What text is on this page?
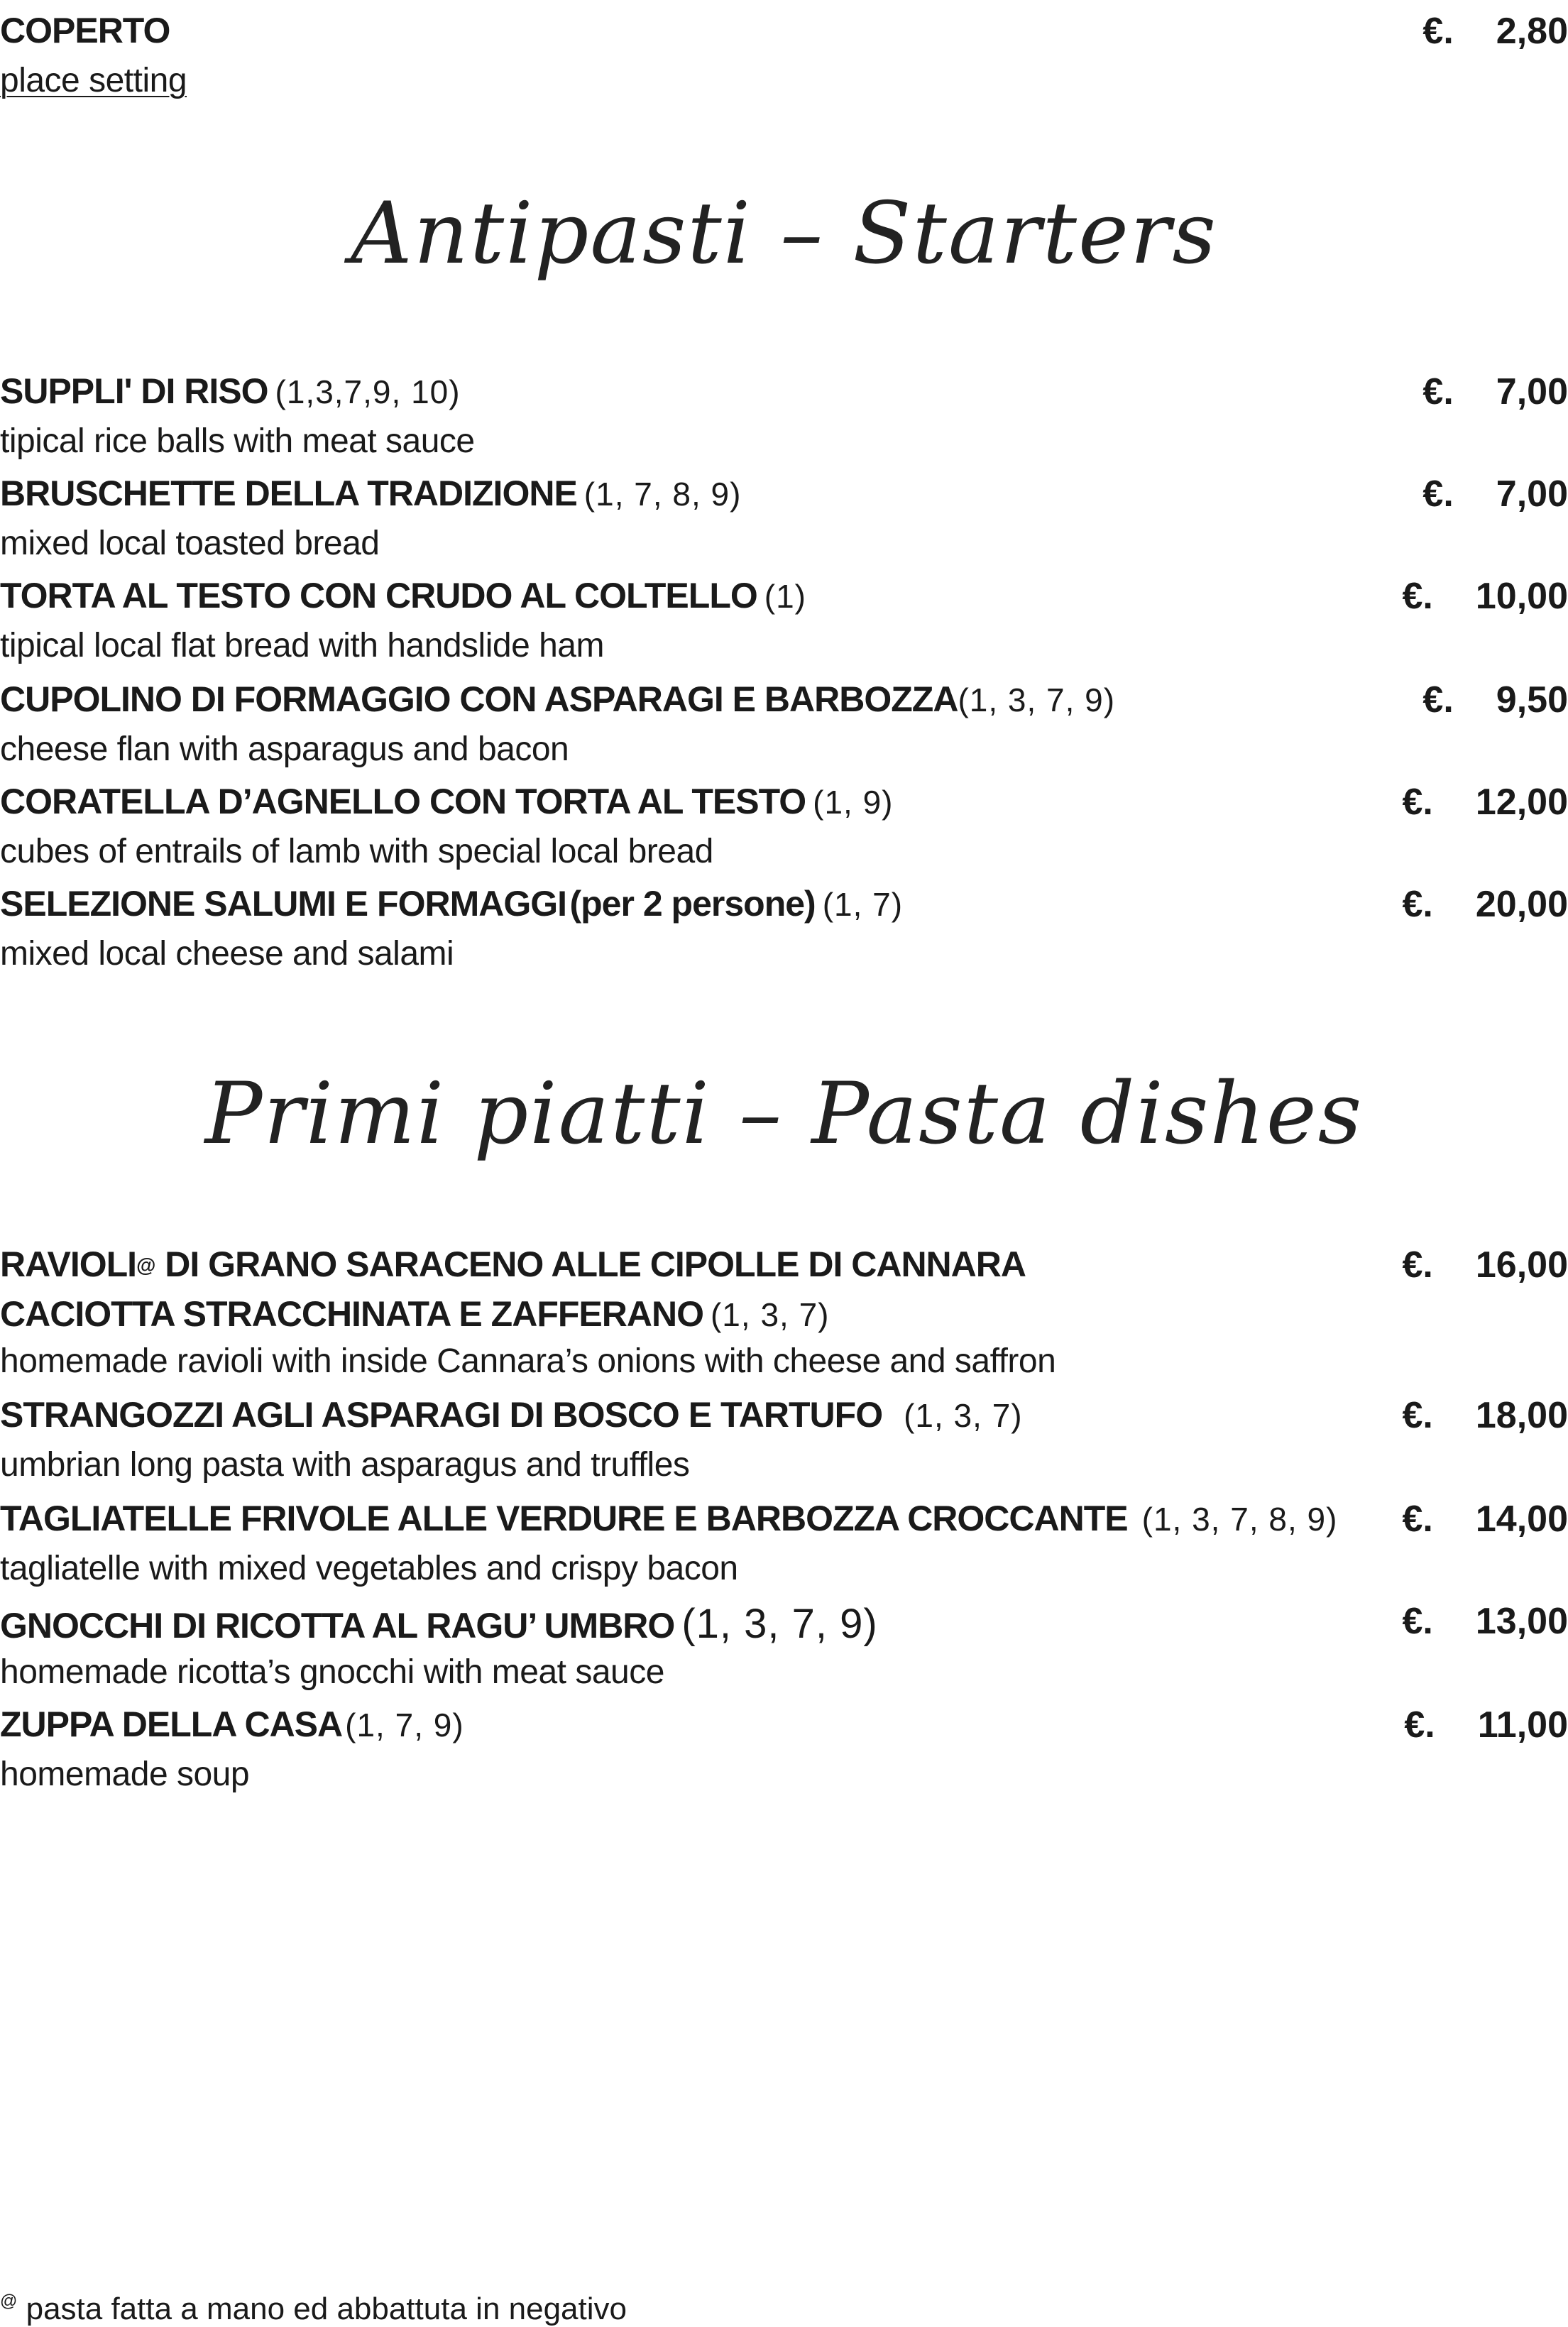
COPERTO	€. 2,80
place setting
Antipasti – Starters
SUPPLI' DI RISO (1,3,7,9, 10)	€. 7,00
tipical rice balls with meat sauce
BRUSCHETTE DELLA TRADIZIONE (1, 7, 8, 9)	€. 7,00
mixed local toasted bread
TORTA AL TESTO CON CRUDO AL COLTELLO (1)	€. 10,00
tipical local flat bread with handslide ham
CUPOLINO DI FORMAGGIO CON ASPARAGI E BARBOZZA(1, 3, 7, 9)	€. 9,50
cheese flan with asparagus and bacon
CORATELLA D’AGNELLO CON TORTA AL TESTO (1, 9)	€. 12,00
cubes of entrails of lamb with special local bread
SELEZIONE SALUMI E FORMAGGI (per 2 persone) (1, 7)	€. 20,00
mixed local cheese and salami
Primi piatti – Pasta dishes
RAVIOLI@ DI GRANO SARACENO ALLE CIPOLLE DI CANNARA	€. 16,00
CACIOTTA STRACCHINATA E ZAFFERANO (1, 3, 7)
homemade ravioli with inside Cannara’s onions with cheese and saffron
STRANGOZZI AGLI ASPARAGI DI BOSCO E TARTUFO (1, 3, 7)	€. 18,00
umbrian long pasta with asparagus and truffles
TAGLIATELLE FRIVOLE ALLE VERDURE E BARBOZZA CROCCANTE (1, 3, 7, 8, 9) €. 14,00
tagliatelle with mixed vegetables and crispy bacon
GNOCCHI DI RICOTTA AL RAGU’ UMBRO (1, 3, 7, 9)	€. 13,00
homemade ricotta’s gnocchi with meat sauce
ZUPPA DELLA CASA(1, 7, 9)	€. 11,00
homemade soup
@ pasta fatta a mano ed abbattuta in negativo
